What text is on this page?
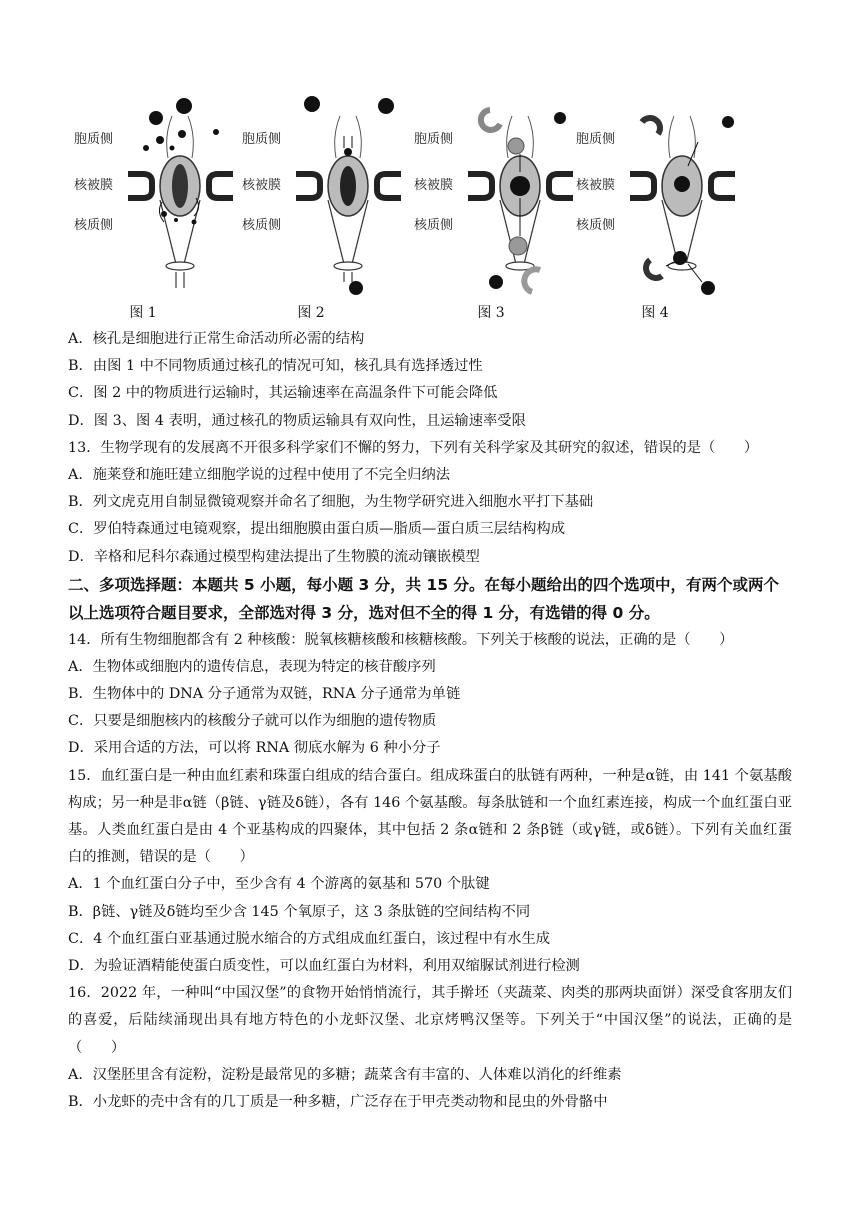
胞质侧
核被膜
核质侧
图 1
胞质侧
核被膜
核质侧
图 2
胞质侧
核被膜
核质侧
图 3
胞质侧
核被膜
核质侧
图 4
A．核孔是细胞进行正常生命活动所必需的结构
B．由图 1 中不同物质通过核孔的情况可知，核孔具有选择透过性
C．图 2 中的物质进行运输时，其运输速率在高温条件下可能会降低
D．图 3、图 4 表明，通过核孔的物质运输具有双向性，且运输速率受限
13．生物学现有的发展离不开很多科学家们不懈的努力，下列有关科学家及其研究的叙述，错误的是（　　）
A．施莱登和施旺建立细胞学说的过程中使用了不完全归纳法
B．列文虎克用自制显微镜观察并命名了细胞，为生物学研究进入细胞水平打下基础
C．罗伯特森通过电镜观察，提出细胞膜由蛋白质—脂质—蛋白质三层结构构成
D．辛格和尼科尔森通过模型构建法提出了生物膜的流动镶嵌模型
二、多项选择题：本题共 5 小题，每小题 3 分，共 15 分。在每小题给出的四个选项中，有两个或两个以上选项符合题目要求，全部选对得 3 分，选对但不全的得 1 分，有选错的得 0 分。
14．所有生物细胞都含有 2 种核酸：脱氧核糖核酸和核糖核酸。下列关于核酸的说法，正确的是（　　）
A．生物体或细胞内的遗传信息，表现为特定的核苷酸序列
B．生物体中的 DNA 分子通常为双链，RNA 分子通常为单链
C．只要是细胞核内的核酸分子就可以作为细胞的遗传物质
D．采用合适的方法，可以将 RNA 彻底水解为 6 种小分子
15．血红蛋白是一种由血红素和珠蛋白组成的结合蛋白。组成珠蛋白的肽链有两种，一种是α链，由 141 个氨基酸构成；另一种是非α链（β链、γ链及δ链），各有 146 个氨基酸。每条肽链和一个血红素连接，构成一个血红蛋白亚基。人类血红蛋白是由 4 个亚基构成的四聚体，其中包括 2 条α链和 2 条β链（或γ链，或δ链）。下列有关血红蛋白的推测，错误的是（　　）
A．1 个血红蛋白分子中，至少含有 4 个游离的氨基和 570 个肽键
B．β链、γ链及δ链均至少含 145 个氧原子，这 3 条肽链的空间结构不同
C．4 个血红蛋白亚基通过脱水缩合的方式组成血红蛋白，该过程中有水生成
D．为验证酒精能使蛋白质变性，可以血红蛋白为材料，利用双缩脲试剂进行检测
16．2022 年，一种叫“中国汉堡”的食物开始悄悄流行，其手擀坯（夹蔬菜、肉类的那两块面饼）深受食客朋友们的喜爱，后陆续涌现出具有地方特色的小龙虾汉堡、北京烤鸭汉堡等。下列关于“中国汉堡”的说法，正确的是（　　）
A．汉堡胚里含有淀粉，淀粉是最常见的多糖；蔬菜含有丰富的、人体难以消化的纤维素
B．小龙虾的壳中含有的几丁质是一种多糖，广泛存在于甲壳类动物和昆虫的外骨骼中
